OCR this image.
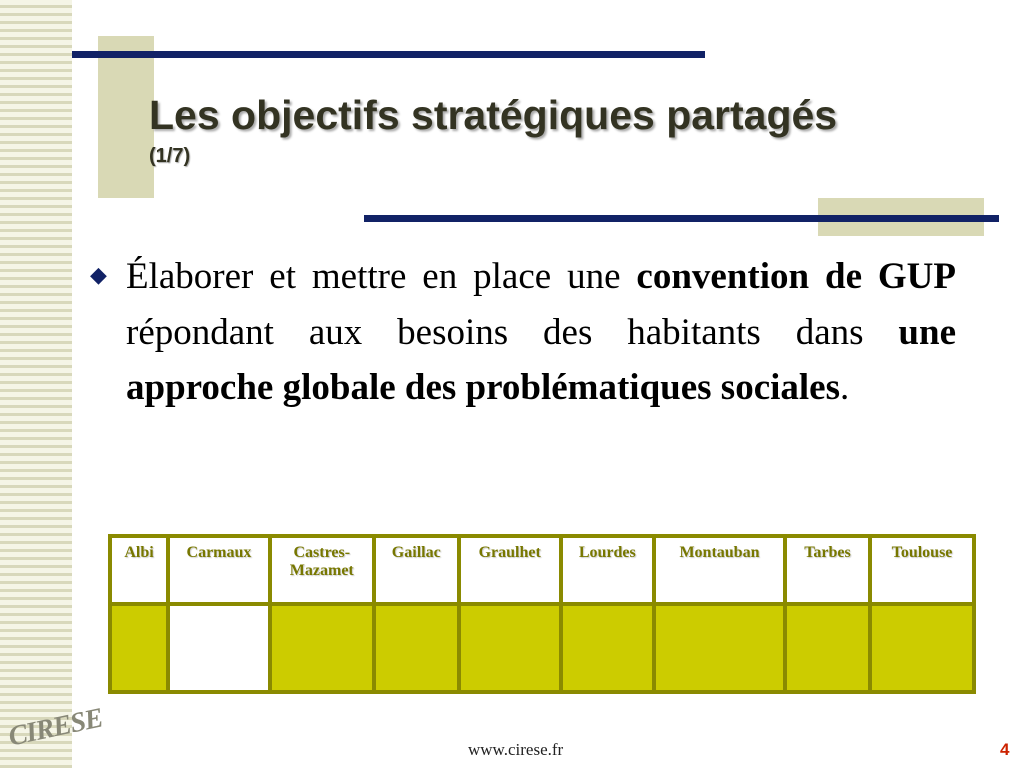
Les objectifs stratégiques partagés

(1/7)

◆ Élaborer et mettre en place une convention de GUP répondant aux besoins des habitants dans une approche globale des problématiques sociales.

Albi	Carmaux	Castres-Mazamet	Gaillac	Graulhet	Lourdes	Montauban	Tarbes	Toulouse

CIRESE	www.cirese.fr	4
